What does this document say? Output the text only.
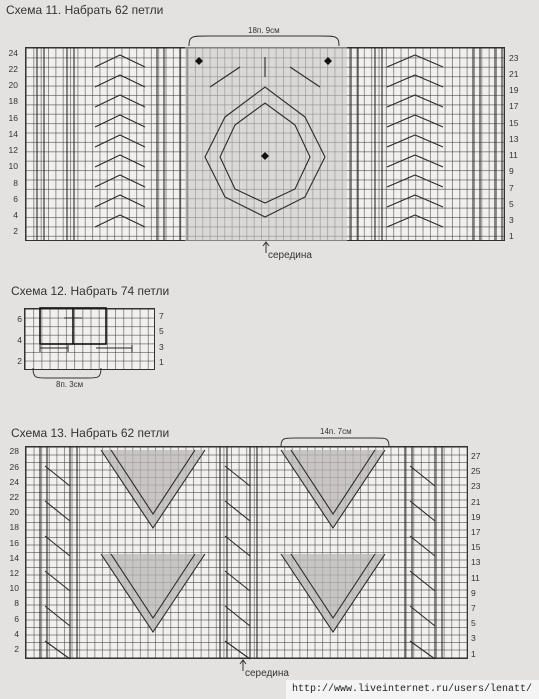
Схема 11. Набрать 62 петли
18п. 9см
24
22
20
18
16
14
12
10
8
6
4
2
23
21
19
17
15
13
11
9
7
5
3
1
середина
Схема 12. Набрать 74 петли
6
4
2
7
5
3
1
8п. 3см
Схема 13. Набрать 62 петли	14п. 7см
28
26
24
22
20
18
16
14
12
10
8
6
4
2
27
25
23
21
19
17
15
13
11
9
7
5
3
1
середина
http://www.liveinternet.ru/users/lenatt/
